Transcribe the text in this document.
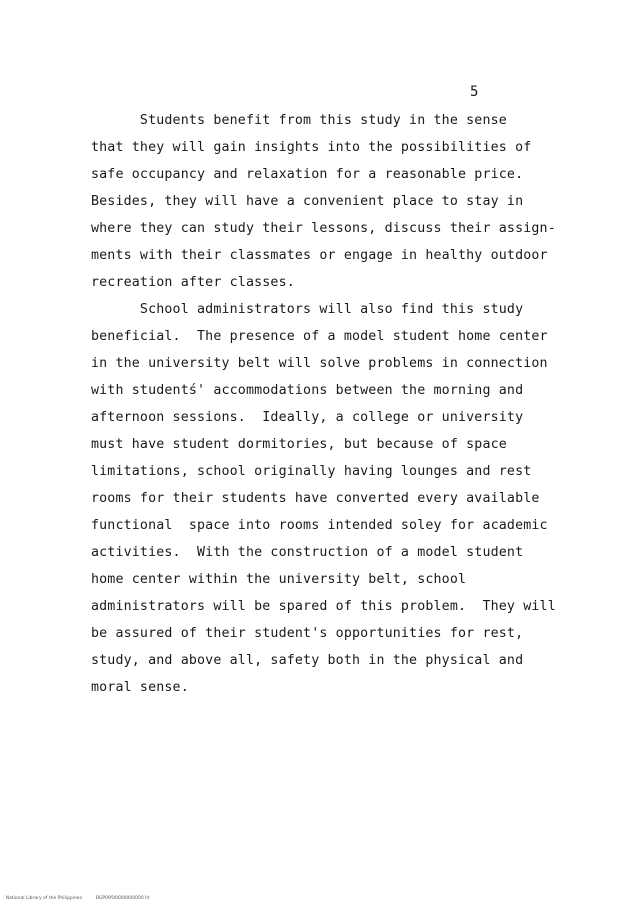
5
Students benefit from this study in the sense
that they will gain insights into the possibilities of
safe occupancy and relaxation for a reasonable price.
Besides, they will have a convenient place to stay in
where they can study their lessons, discuss their assign-
ments with their classmates or engage in healthy outdoor
recreation after classes.
School administrators will also find this study
beneficial.  The presence of a model student home center
in the university belt will solve problems in connection
with studentś' accommodations between the morning and
afternoon sessions.  Ideally, a college or university
must have student dormitories, but because of space
limitations, school originally having lounges and rest
rooms for their students have converted every available
functional  space into rooms intended soley for academic
activities.  With the construction of a model student
home center within the university belt, school
administrators will be spared of this problem.  They will
be assured of their student's opportunities for rest,
study, and above all, safety both in the physical and
moral sense.

National Library of the Philippines	BGP095I0000000000 lit
